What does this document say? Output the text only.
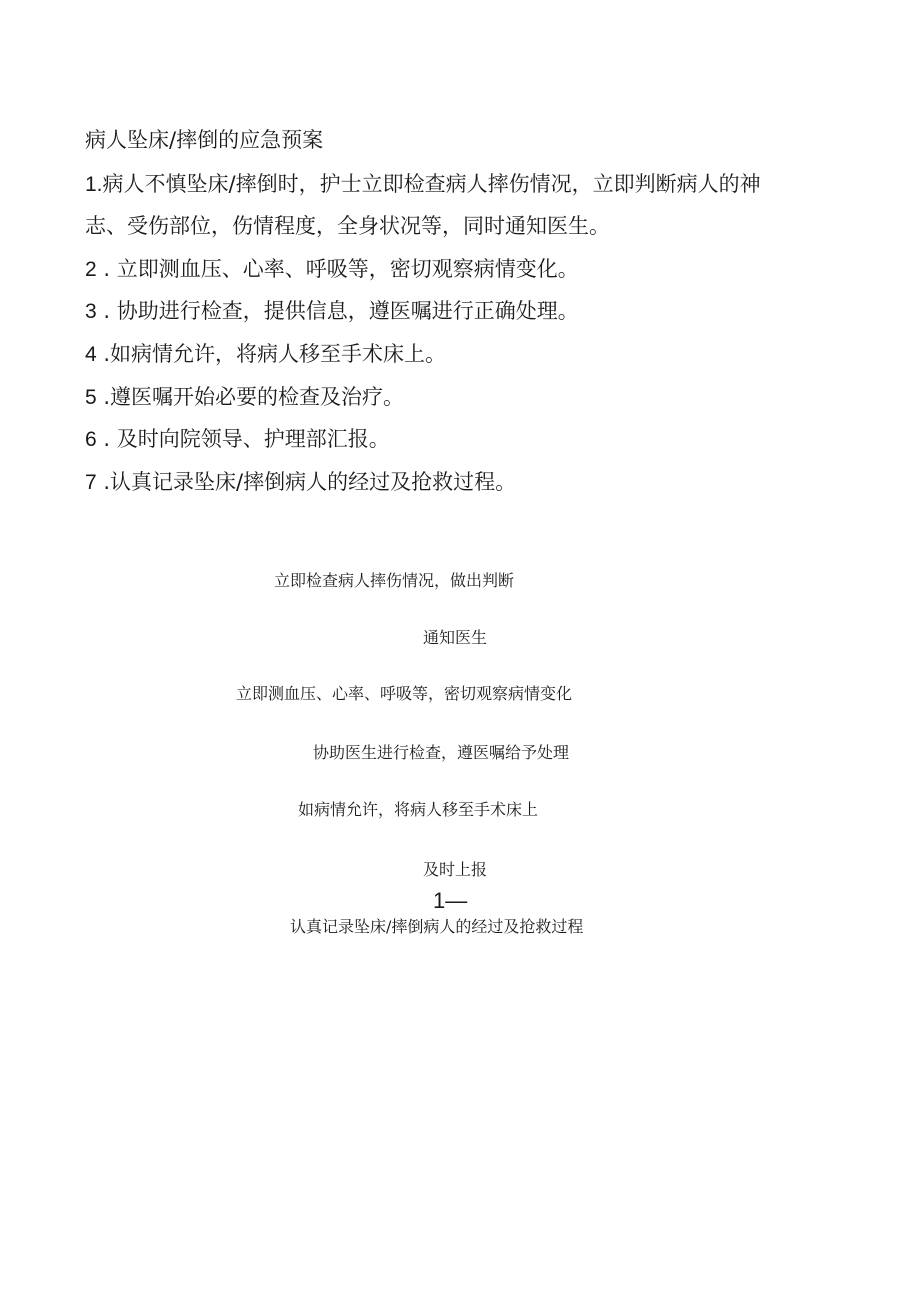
病人坠床/摔倒的应急预案
1.病人不慎坠床/摔倒时，护士立即检查病人摔伤情况，立即判断病人的神
志、受伤部位，伤情程度，全身状况等，同时通知医生。
2 . 立即测血压、心率、呼吸等，密切观察病情变化。
3 . 协助进行检查，提供信息，遵医嘱进行正确处理。
4 .如病情允许，将病人移至手术床上。
5 .遵医嘱开始必要的检查及治疗。
6 . 及时向院领导、护理部汇报。
7 .认真记录坠床/摔倒病人的经过及抢救过程。
立即检查病人摔伤情况，做出判断
通知医生
立即测血压、心率、呼吸等，密切观察病情变化
协助医生进行检查，遵医嘱给予处理
如病情允许，将病人移至手术床上
及时上报
1—
认真记录坠床/摔倒病人的经过及抢救过程
